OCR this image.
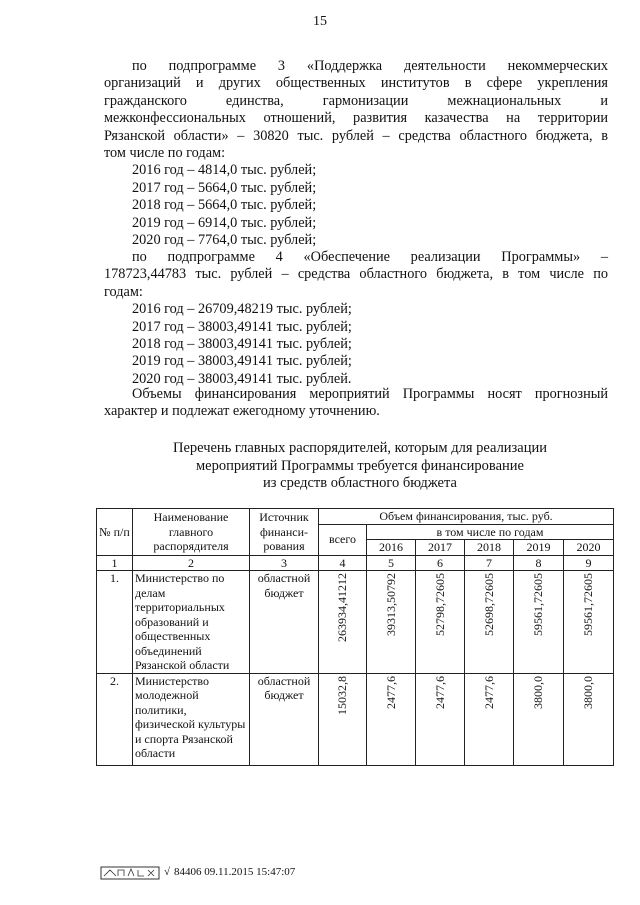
15
по подпрограмме 3 «Поддержка деятельности некоммерческих
организаций и других общественных институтов в сфере укрепления
гражданского единства, гармонизации межнациональных и
межконфессиональных отношений, развития казачества на территории
Рязанской области» – 30820 тыс. рублей – средства областного бюджета, в
том числе по годам:
2016 год – 4814,0 тыс. рублей;
2017 год – 5664,0 тыс. рублей;
2018 год – 5664,0 тыс. рублей;
2019 год – 6914,0 тыс. рублей;
2020 год – 7764,0 тыс. рублей;
по подпрограмме 4 «Обеспечение реализации Программы» –
178723,44783 тыс. рублей – средства областного бюджета, в том числе по
годам:
2016 год – 26709,48219 тыс. рублей;
2017 год – 38003,49141 тыс. рублей;
2018 год – 38003,49141 тыс. рублей;
2019 год – 38003,49141 тыс. рублей;
2020 год – 38003,49141 тыс. рублей.
Объемы финансирования мероприятий Программы носят прогнозный
характер и подлежат ежегодному уточнению.
Перечень главных распорядителей, которым для реализации
мероприятий Программы требуется финансирование
из средств областного бюджета
№ п/п	Наименование главного распорядителя	Источник финанси-рования	Объем финансирования, тыс. руб.					
			всего	в том числе по годам				
				2016	2017	2018	2019	2020
1	2	3	4	5	6	7	8	9
1.	Министерство по делам территориальных образований и общественных объединений Рязанской области	областной бюджет	263934,41212	39313,50792	52798,72605	52698,72605	59561,72605	59561,72605

2.	Министерство молодежной политики, физической культуры и спорта Рязанской области	областной бюджет	15032,8	2477,6	2477,6	2477,6	3800,0	3800,0
√ 84406 09.11.2015 15:47:07
